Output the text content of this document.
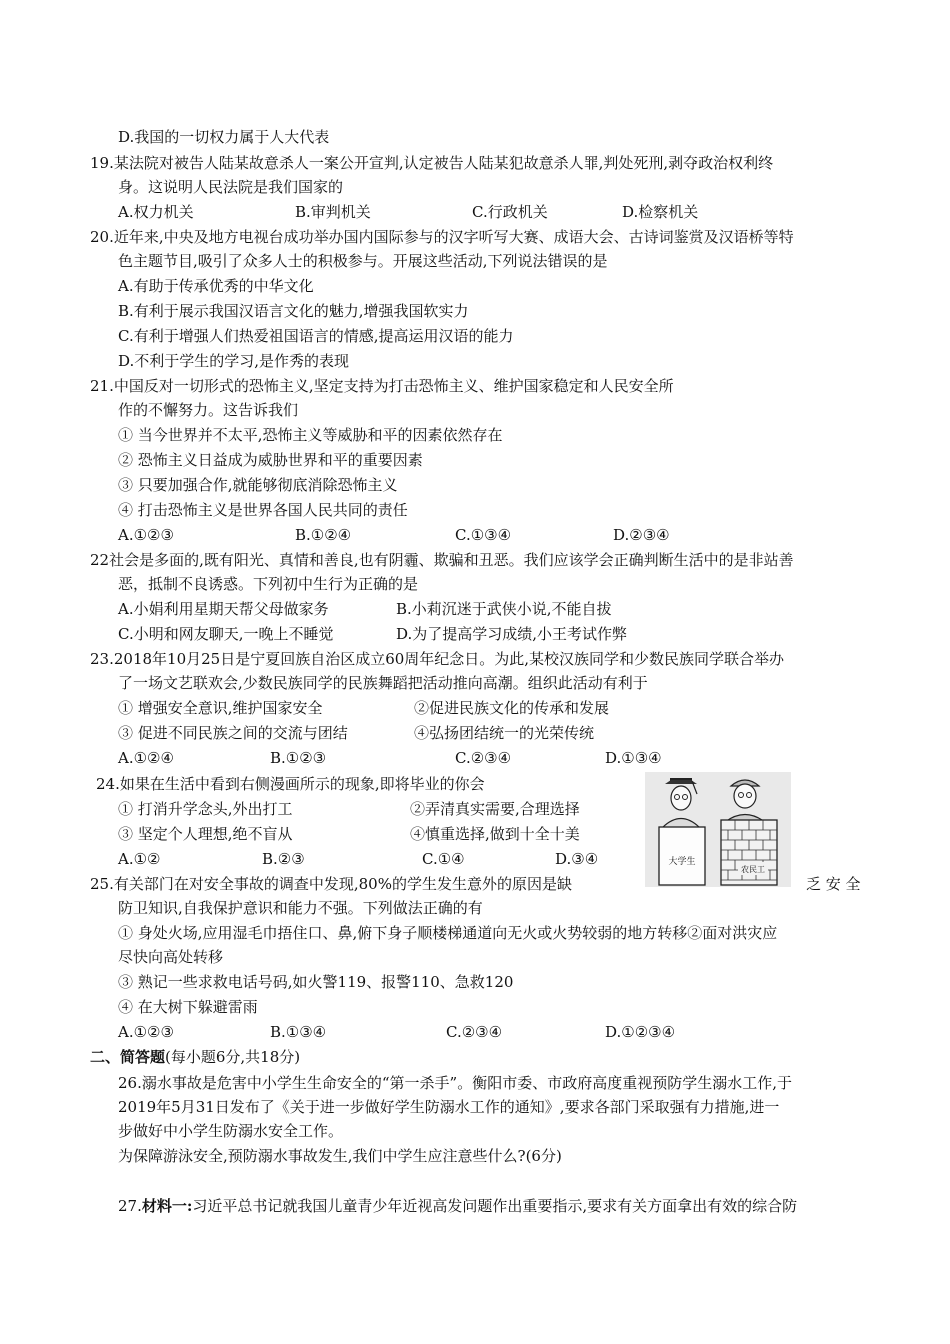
D.我国的一切权力属于人大代表
19.某法院对被告人陆某故意杀人一案公开宣判,认定被告人陆某犯故意杀人罪,判处死刑,剥夺政治权利终
身。这说明人民法院是我们国家的
A.权力机关	B.审判机关	C.行政机关	D.检察机关
20.近年来,中央及地方电视台成功举办国内国际参与的汉字听写大赛、成语大会、古诗词鉴赏及汉语桥等特
色主题节目,吸引了众多人士的积极参与。开展这些活动,下列说法错误的是
A.有助于传承优秀的中华文化
B.有利于展示我国汉语言文化的魅力,增强我国软实力
C.有利于增强人们热爱祖国语言的情感,提高运用汉语的能力
D.不利于学生的学习,是作秀的表现
21.中国反对一切形式的恐怖主义,坚定支持为打击恐怖主义、维护国家稳定和人民安全所
作的不懈努力。这告诉我们
① 当今世界并不太平,恐怖主义等威胁和平的因素依然存在
② 恐怖主义日益成为威胁世界和平的重要因素
③ 只要加强合作,就能够彻底消除恐怖主义
④ 打击恐怖主义是世界各国人民共同的责任
A.①②③	B.①②④	C.①③④	D.②③④
22社会是多面的,既有阳光、真情和善良,也有阴霾、欺骗和丑恶。我们应该学会正确判断生活中的是非站善
恶，抵制不良诱惑。下列初中生行为正确的是
A.小娟利用星期天帮父母做家务	B.小莉沉迷于武侠小说,不能自拔
C.小明和网友聊天,一晚上不睡觉	D.为了提高学习成绩,小王考试作弊
23.2018年10月25日是宁夏回族自治区成立60周年纪念日。为此,某校汉族同学和少数民族同学联合举办
了一场文艺联欢会,少数民族同学的民族舞蹈把活动推向高潮。组织此活动有利于
① 增强安全意识,维护国家安全	②促进民族文化的传承和发展
③ 促进不同民族之间的交流与团结	④弘扬团结统一的光荣传统
A.①②④	B.①②③	C.②③④	D.①③④
24.如果在生活中看到右侧漫画所示的现象,即将毕业的你会
① 打消升学念头,外出打工	②弄清真实需要,合理选择
③ 坚定个人理想,绝不盲从	④慎重选择,做到十全十美
A.①②	B.②③	C.①④	D.③④	大学生
农民工
25.有关部门在对安全事故的调查中发现,80%的学生发生意外的原因是缺	乏 安 全
防卫知识,自我保护意识和能力不强。下列做法正确的有
① 身处火场,应用湿毛巾捂住口、鼻,俯下身子顺楼梯通道向无火或火势较弱的地方转移②面对洪灾应
尽快向高处转移
③ 熟记一些求救电话号码,如火警119、报警110、急救120
④ 在大树下躲避雷雨
A.①②③	B.①③④	C.②③④	D.①②③④
二、简答题(每小题6分,共18分)
26.溺水事故是危害中小学生生命安全的“第一杀手”。衡阳市委、市政府高度重视预防学生溺水工作,于
2019年5月31日发布了《关于进一步做好学生防溺水工作的通知》,要求各部门采取强有力措施,进一
步做好中小学生防溺水安全工作。
为保障游泳安全,预防溺水事故发生,我们中学生应注意些什么?(6分)
27.材料一:习近平总书记就我国儿童青少年近视高发问题作出重要指示,要求有关方面拿出有效的综合防
